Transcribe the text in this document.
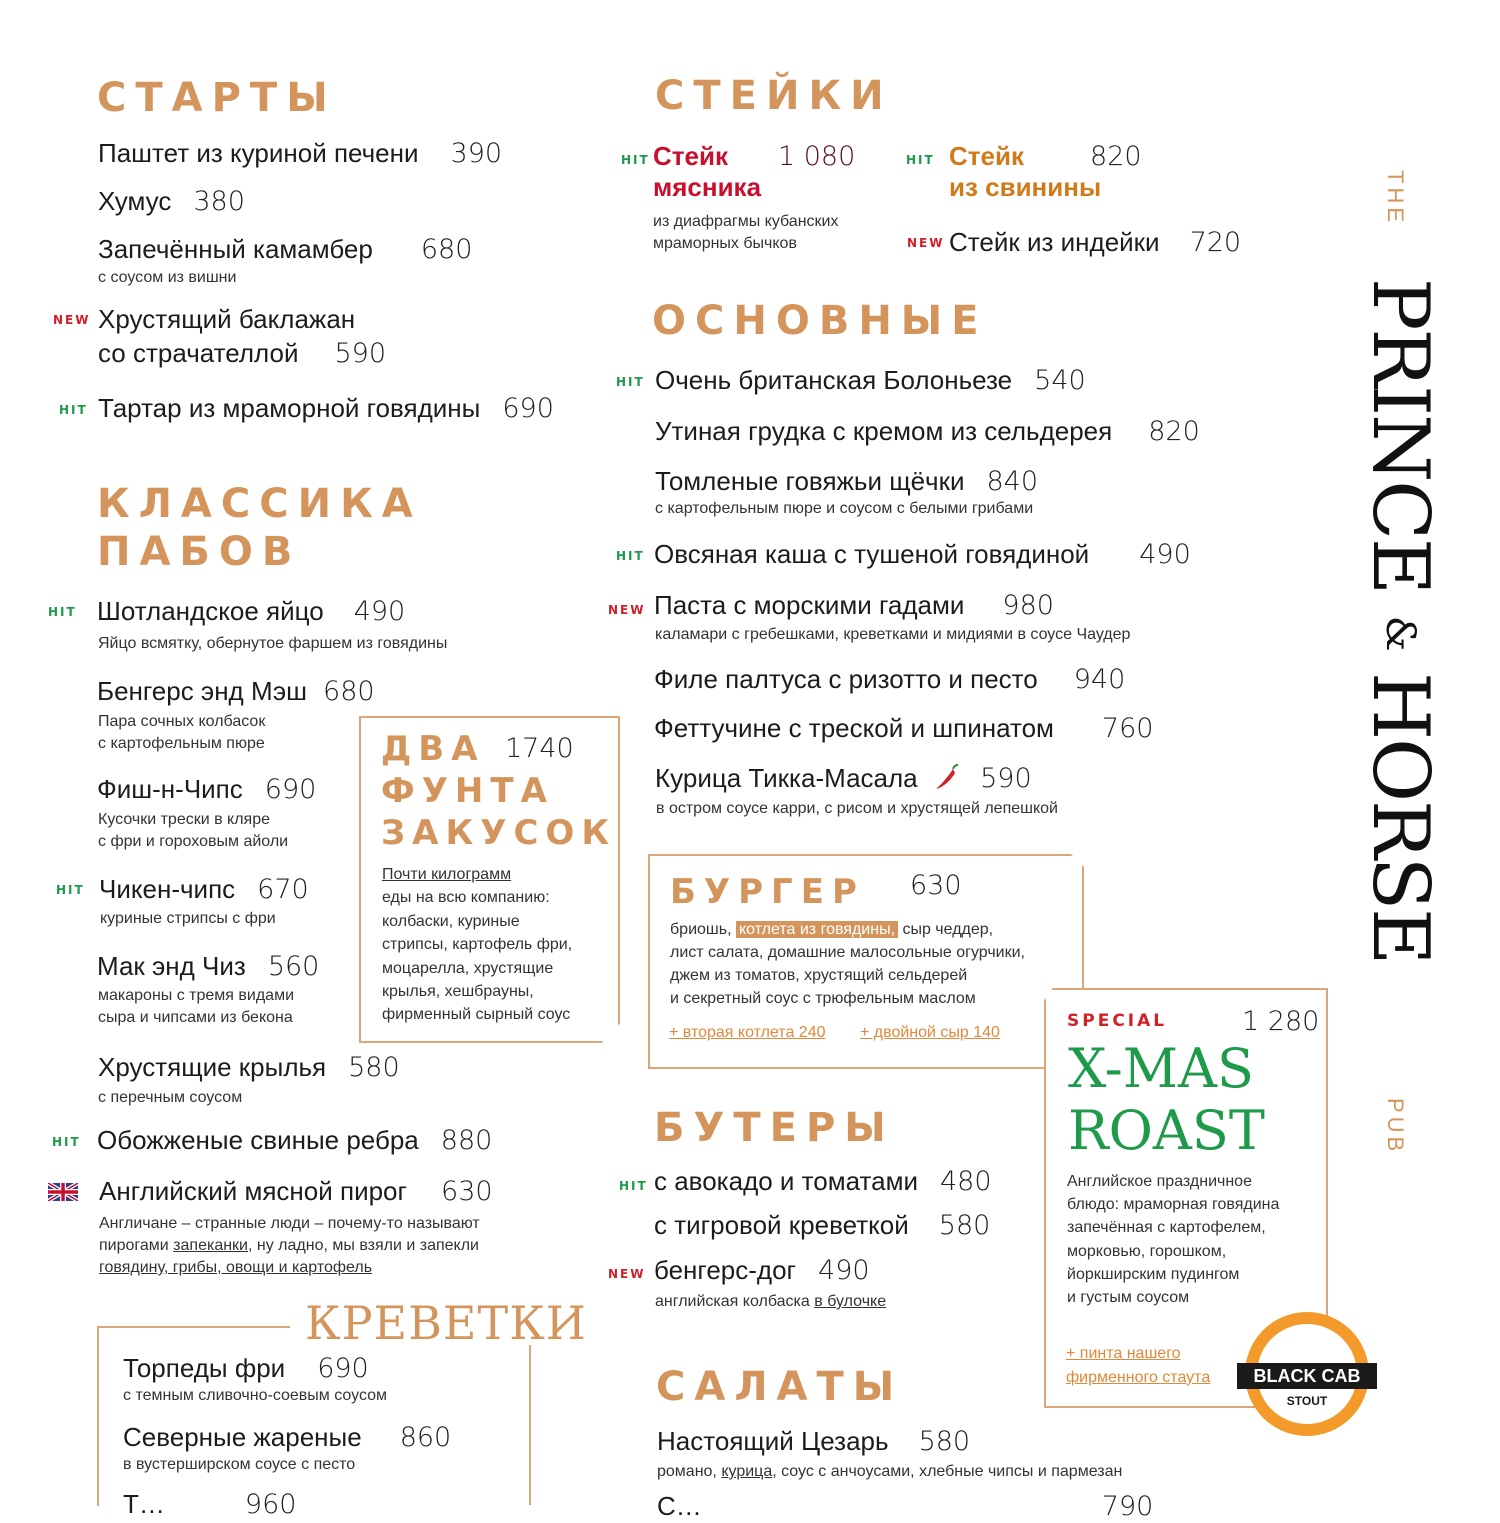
СТАРТЫ
Паштет из куриной печени 390
Хумус 380
Запечённый камамбер 680
с соусом из вишни
NEW Хрустящий баклажан
со страчателлой 590
HIT Тартар из мраморной говядины 690
КЛАССИКА
ПАБОВ
HIT Шотландское яйцо 490
Яйцо всмятку, обернутое фаршем из говядины
Бенгерс энд Мэш 680
Пара сочных колбасок
с картофельным пюре
Фиш-н-Чипс 690
Кусочки трески в кляре
с фри и гороховым айоли
HIT Чикен-чипс 670
куриные стрипсы с фри
Мак энд Чиз 560
макароны с тремя видами
сыра и чипсами из бекона
Хрустящие крылья 580
с перечным соусом
HIT Обожженые свиные ребра 880
Английский мясной пирог 630
Англичане – странные люди – почему-то называют
пирогами запеканки, ну ладно, мы взяли и запекли
говядину, грибы, овощи и картофель
ДВА
ФУНТА
ЗАКУСОК
1740
Почти килограмм
еды на всю компанию:
колбаски, куриные
стрипсы, картофель фри,
моцарелла, хрустящие
крылья, хешбрауны,
фирменный сырный соус
КРЕВЕТКИ
Торпеды фри 690
с темным сливочно-соевым соусом
Северные жареные 860
в вустерширском соусе с песто
Т…	960
СТЕЙКИ
HIT Стейк 1 080
мясника
из диафрагмы кубанских
мраморных бычков
HIT Стейк 820
из свинины
NEW Стейк из индейки 720
ОСНОВНЫЕ
HIT Очень британская Болоньезе 540
Утиная грудка с кремом из сельдерея 820
Томленые говяжьи щёчки 840
с картофельным пюре и соусом с белыми грибами
HIT Овсяная каша с тушеной говядиной 490
NEW Паста с морскими гадами 980
каламари с гребешками, креветками и мидиями в соусе Чаудер
Филе палтуса с ризотто и песто 940
Феттучине с треской и шпинатом 760
Курица Тикка-Масала 590
в остром соусе карри, с рисом и хрустящей лепешкой
БУРГЕР 630
бриошь, котлета из говядины, сыр чеддер,
лист салата, домашние малосольные огурчики,
джем из томатов, хрустящий сельдерей
и секретный соус с трюфельным маслом
+ вторая котлета 240 + двойной сыр 140
SPECIAL	1 280
X-MAS
ROAST
Английское праздничное
блюдо: мраморная говядина
запечённая с картофелем,
морковью, горошком,
йоркширским пудингом
и густым соусом
+ пинта нашего
фирменного стаута	BLACK CAB
STOUT
БУТЕРЫ
HIT с авокадо и томатами 480
с тигровой креветкой 580
NEW бенгерс-дог 490
английская колбаска в булочке
САЛАТЫ
Настоящий Цезарь 580
романо, курица, соус с анчоусами, хлебные чипсы и пармезан
С…	790
THE
PRINCE & HORSE
PUB
